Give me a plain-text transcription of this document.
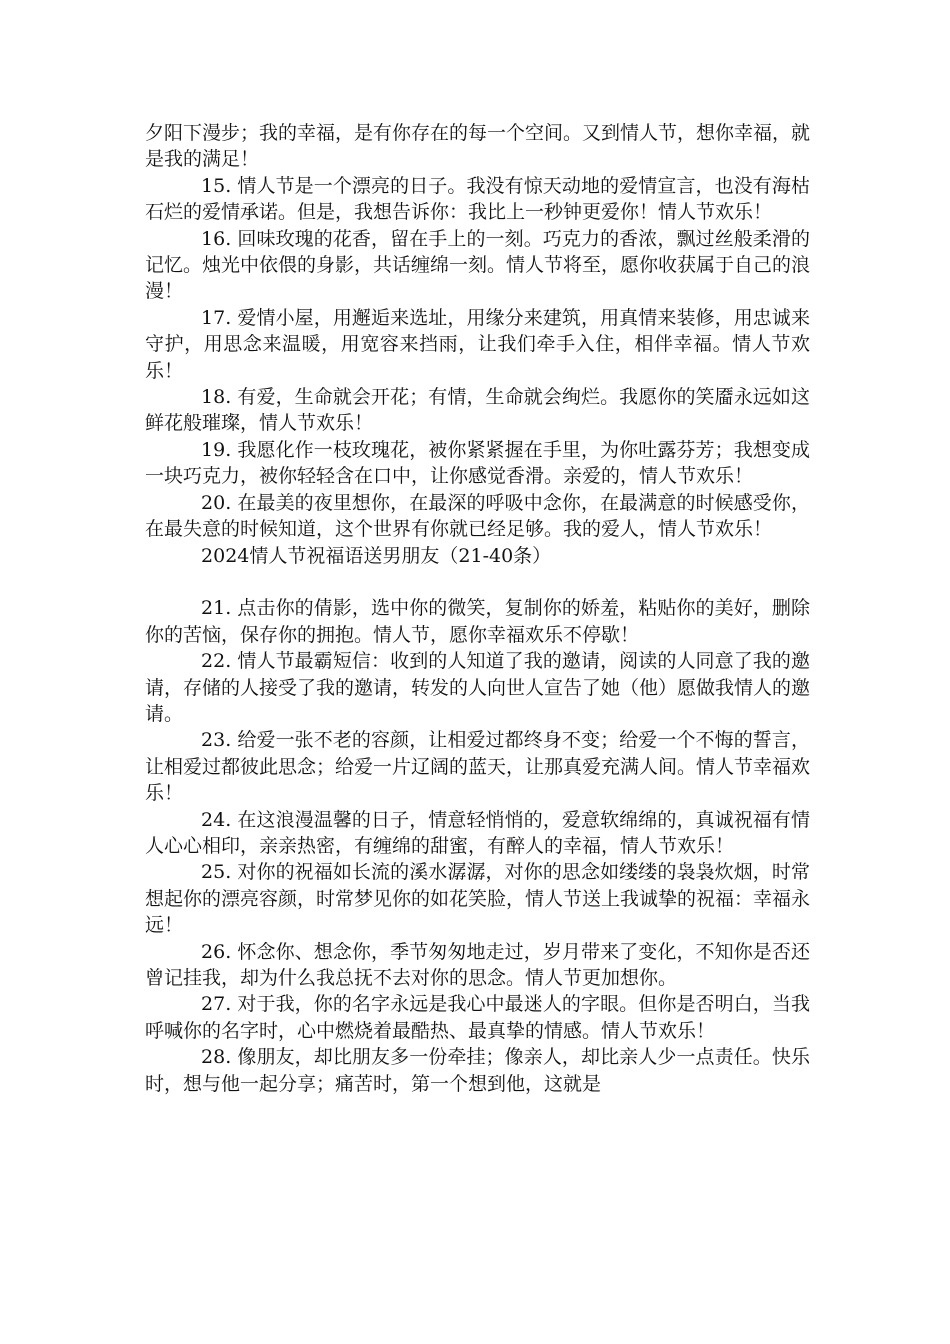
夕阳下漫步；我的幸福，是有你存在的每一个空间。又到情人节，想你幸福，就是我的满足！

15. 情人节是一个漂亮的日子。我没有惊天动地的爱情宣言，也没有海枯石烂的爱情承诺。但是，我想告诉你：我比上一秒钟更爱你！情人节欢乐！

16. 回味玫瑰的花香，留在手上的一刻。巧克力的香浓，飘过丝般柔滑的记忆。烛光中依偎的身影，共话缠绵一刻。情人节将至，愿你收获属于自己的浪漫！

17. 爱情小屋，用邂逅来选址，用缘分来建筑，用真情来装修，用忠诚来守护，用思念来温暖，用宽容来挡雨，让我们牵手入住，相伴幸福。情人节欢乐！

18. 有爱，生命就会开花；有情，生命就会绚烂。我愿你的笑靥永远如这鲜花般璀璨，情人节欢乐！

19. 我愿化作一枝玫瑰花，被你紧紧握在手里，为你吐露芬芳；我想变成一块巧克力，被你轻轻含在口中，让你感觉香滑。亲爱的，情人节欢乐！

20. 在最美的夜里想你，在最深的呼吸中念你，在最满意的时候感受你，在最失意的时候知道，这个世界有你就已经足够。我的爱人，情人节欢乐！

2024情人节祝福语送男朋友（21-40条）

21. 点击你的倩影，选中你的微笑，复制你的娇羞，粘贴你的美好，删除你的苦恼，保存你的拥抱。情人节，愿你幸福欢乐不停歇！

22. 情人节最霸短信：收到的人知道了我的邀请，阅读的人同意了我的邀请，存储的人接受了我的邀请，转发的人向世人宣告了她（他）愿做我情人的邀请。

23. 给爱一张不老的容颜，让相爱过都终身不变；给爱一个不悔的誓言，让相爱过都彼此思念；给爱一片辽阔的蓝天，让那真爱充满人间。情人节幸福欢乐！

24. 在这浪漫温馨的日子，情意轻悄悄的，爱意软绵绵的，真诚祝福有情人心心相印，亲亲热密，有缠绵的甜蜜，有醉人的幸福，情人节欢乐！

25. 对你的祝福如长流的溪水潺潺，对你的思念如缕缕的袅袅炊烟，时常想起你的漂亮容颜，时常梦见你的如花笑脸，情人节送上我诚挚的祝福：幸福永远！

26. 怀念你、想念你，季节匆匆地走过，岁月带来了变化，不知你是否还曾记挂我，却为什么我总抚不去对你的思念。情人节更加想你。

27. 对于我，你的名字永远是我心中最迷人的字眼。但你是否明白，当我呼喊你的名字时，心中燃烧着最酷热、最真挚的情感。情人节欢乐！

28. 像朋友，却比朋友多一份牵挂；像亲人，却比亲人少一点责任。快乐时，想与他一起分享；痛苦时，第一个想到他，这就是
